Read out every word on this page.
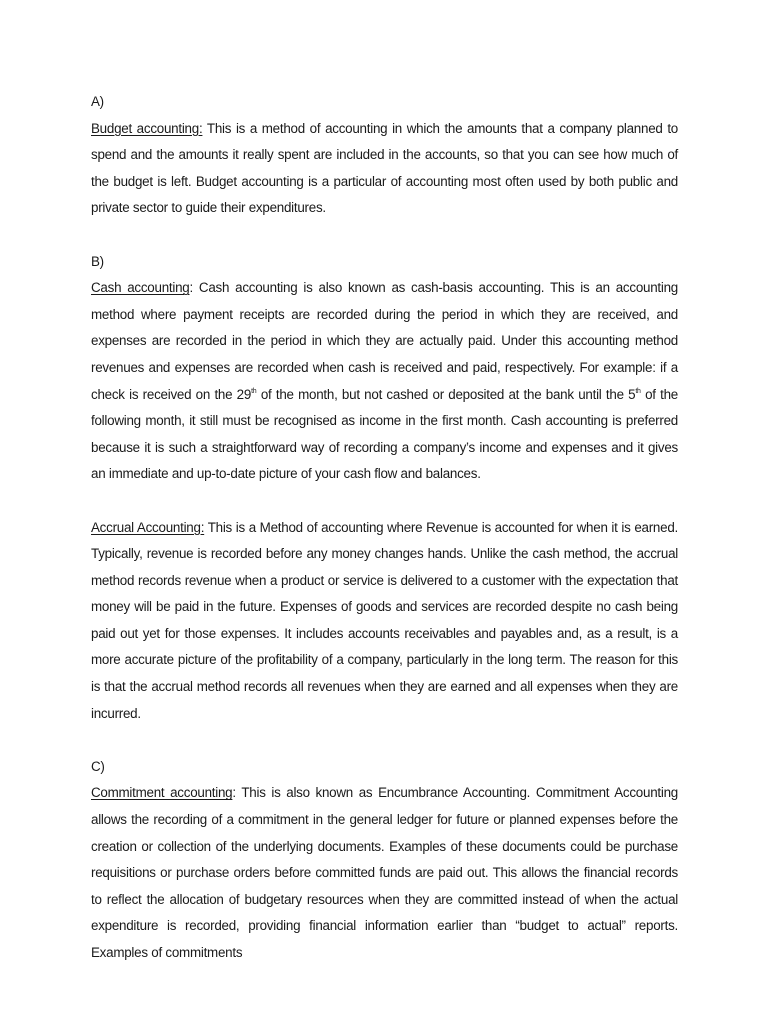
A)

Budget accounting: This is a method of accounting in which the amounts that a company planned to spend and the amounts it really spent are included in the accounts, so that you can see how much of the budget is left. Budget accounting is a particular of accounting most often used by both public and private sector to guide their expenditures.

B)

Cash accounting: Cash accounting is also known as cash-basis accounting. This is an accounting method where payment receipts are recorded during the period in which they are received, and expenses are recorded in the period in which they are actually paid. Under this accounting method revenues and expenses are recorded when cash is received and paid, respectively. For example: if a check is received on the 29th of the month, but not cashed or deposited at the bank until the 5th of the following month, it still must be recognised as income in the first month. Cash accounting is preferred because it is such a straightforward way of recording a company’s income and expenses and it gives an immediate and up-to-date picture of your cash flow and balances.

Accrual Accounting: This is a Method of accounting where Revenue is accounted for when it is earned. Typically, revenue is recorded before any money changes hands. Unlike the cash method, the accrual method records revenue when a product or service is delivered to a customer with the expectation that money will be paid in the future. Expenses of goods and services are recorded despite no cash being paid out yet for those expenses. It includes accounts receivables and payables and, as a result, is a more accurate picture of the profitability of a company, particularly in the long term. The reason for this is that the accrual method records all revenues when they are earned and all expenses when they are incurred.

C)

Commitment accounting: This is also known as Encumbrance Accounting. Commitment Accounting allows the recording of a commitment in the general ledger for future or planned expenses before the creation or collection of the underlying documents. Examples of these documents could be purchase requisitions or purchase orders before committed funds are paid out. This allows the financial records to reflect the allocation of budgetary resources when they are committed instead of when the actual expenditure is recorded, providing financial information earlier than “budget to actual” reports. Examples of commitments
